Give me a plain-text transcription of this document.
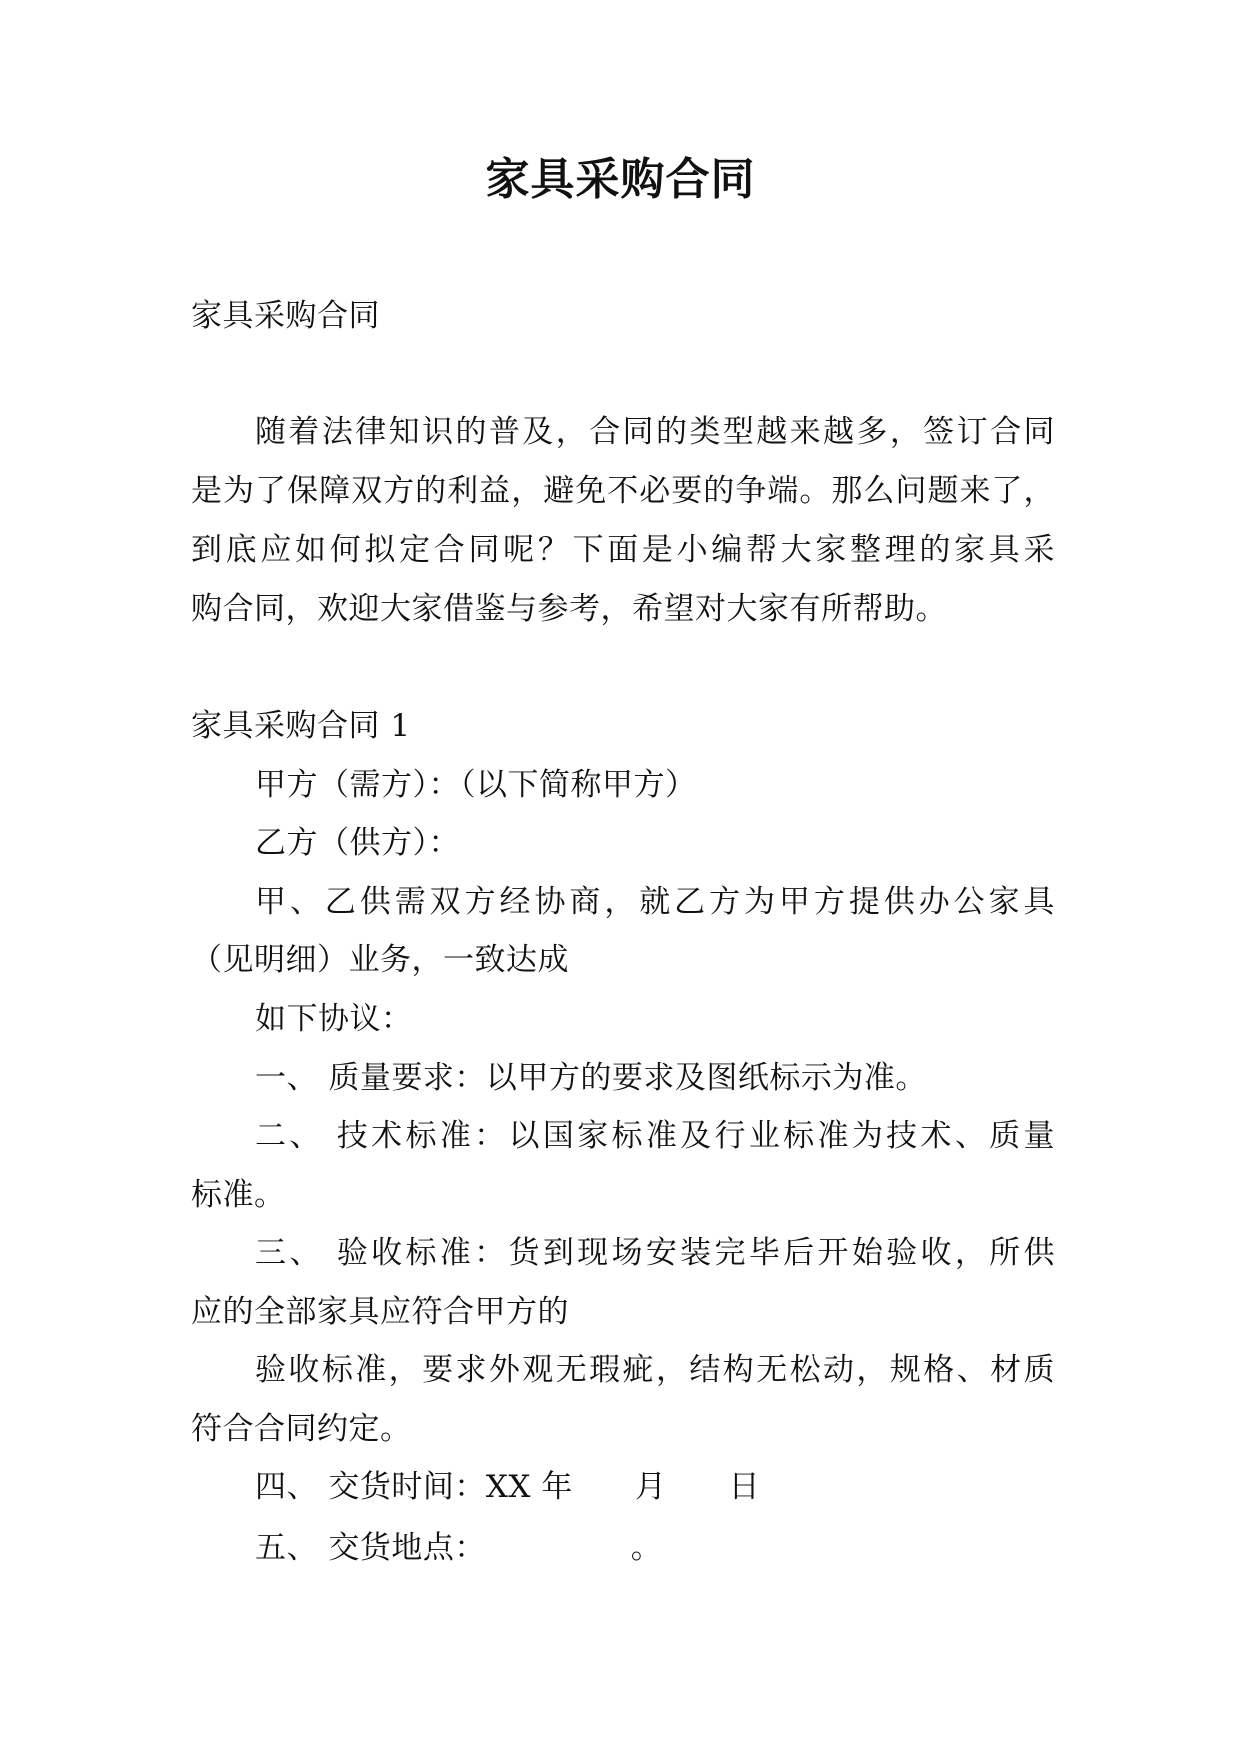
家具采购合同
家具采购合同
随着法律知识的普及，合同的类型越来越多，签订合同
是为了保障双方的利益，避免不必要的争端。那么问题来了，
到底应如何拟定合同呢？下面是小编帮大家整理的家具采
购合同，欢迎大家借鉴与参考，希望对大家有所帮助。
家具采购合同 1
甲方（需方）：（以下简称甲方）
乙方（供方）：
甲、乙供需双方经协商，就乙方为甲方提供办公家具
（见明细）业务，一致达成
如下协议：
一、 质量要求：以甲方的要求及图纸标示为准。
二、 技术标准：以国家标准及行业标准为技术、质量
标准。
三、 验收标准：货到现场安装完毕后开始验收，所供
应的全部家具应符合甲方的
验收标准，要求外观无瑕疵，结构无松动，规格、材质
符合合同约定。
四、 交货时间：XX 年      月      日
五、 交货地点：              。
